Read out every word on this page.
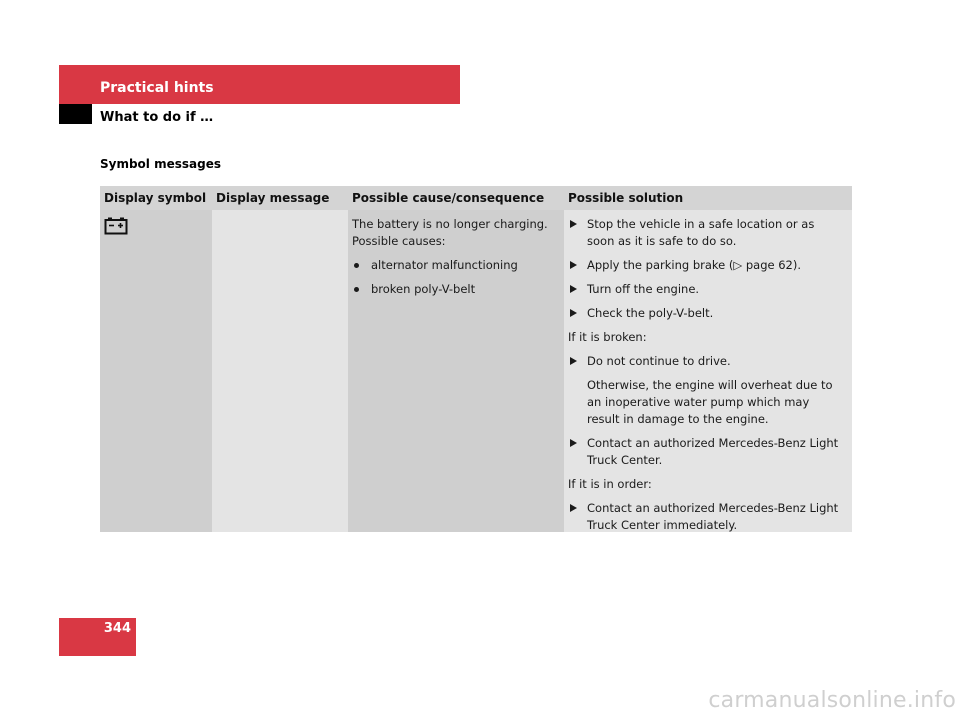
Practical hints
What to do if …
Symbol messages
Display symbol Display message	Possible cause/consequence	Possible solution

The battery is no longer charging. Possible causes:

alternator malfunctioning
broken poly-V-belt
Stop the vehicle in a safe location or as soon as it is safe to do so.
Apply the parking brake (▷ page 62).
Turn off the engine.
Check the poly-V-belt.
If it is broken:
Do not continue to drive.
Otherwise, the engine will overheat due to an inoperative water pump which may result in damage to the engine.
Contact an authorized Mercedes-Benz Light Truck Center.
If it is in order:
Contact an authorized Mercedes-Benz Light Truck Center immediately.
344
carmanualsonline.info
